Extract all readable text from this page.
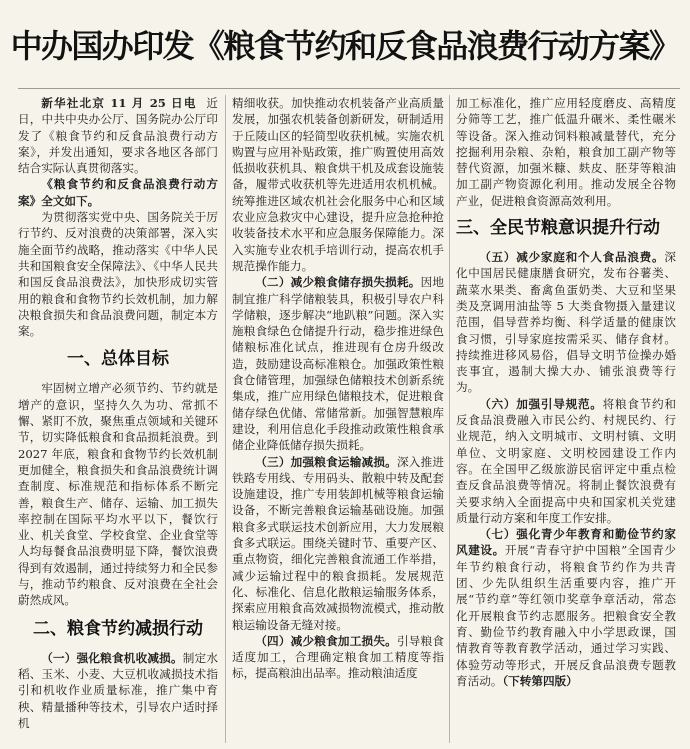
中办国办印发《粮食节约和反食品浪费行动方案》

新华社北京 11 月 25 日电 近日，中共中央办公厅、国务院办公厅印发了《粮食节约和反食品浪费行动方案》，并发出通知，要求各地区各部门结合实际认真贯彻落实。

《粮食节约和反食品浪费行动方案》全文如下。

为贯彻落实党中央、国务院关于厉行节约、反对浪费的决策部署，深入实施全面节约战略，推动落实《中华人民共和国粮食安全保障法》、《中华人民共和国反食品浪费法》，加快形成切实管用的粮食和食物节约长效机制，加力解决粮食损失和食品浪费问题，制定本方案。

一、总体目标

牢固树立增产必须节约、节约就是增产的意识，坚持久久为功、常抓不懈、紧盯不放，聚焦重点领域和关键环节，切实降低粮食和食品损耗浪费。到 2027 年底，粮食和食物节约长效机制更加健全，粮食损失和食品浪费统计调查制度、标准规范和指标体系不断完善，粮食生产、储存、运输、加工损失率控制在国际平均水平以下，餐饮行业、机关食堂、学校食堂、企业食堂等人均每餐食品浪费明显下降，餐饮浪费得到有效遏制，通过持续努力和全民参与，推动节约粮食、反对浪费在全社会蔚然成风。

二、粮食节约减损行动

（一）强化粮食机收减损。制定水稻、玉米、小麦、大豆机收减损技术指引和机收作业质量标准，推广集中育秧、精量播种等技术，引导农户适时择机

精细收获。加快推动农机装备产业高质量发展，加强农机装备创新研发，研制适用于丘陵山区的轻简型收获机械。实施农机购置与应用补贴政策，推广购置使用高效低损收获机具、粮食烘干机及成套设施装备，履带式收获机等先进适用农机机械。统筹推进区域农机社会化服务中心和区域农业应急救灾中心建设，提升应急抢种抢收装备技术水平和应急服务保障能力。深入实施专业农机手培训行动，提高农机手规范操作能力。

（二）减少粮食储存损失损耗。因地制宜推广科学储粮装具，积极引导农户科学储粮，逐步解决“地趴粮”问题。深入实施粮食绿色仓储提升行动，稳步推进绿色储粮标准化试点，推进现有仓房升级改造，鼓励建设高标准粮仓。加强政策性粮食仓储管理，加强绿色储粮技术创新系统集成，推广应用绿色储粮技术，促进粮食储存绿色优储、常储常新。加强智慧粮库建设，利用信息化手段推动政策性粮食承储企业降低储存损失损耗。

（三）加强粮食运输减损。深入推进铁路专用线、专用码头、散粮中转及配套设施建设，推广专用装卸机械等粮食运输设备，不断完善粮食运输基础设施。加强粮食多式联运技术创新应用，大力发展粮食多式联运。围绕关键时节、重要产区、重点物资，细化完善粮食流通工作举措，减少运输过程中的粮食损耗。发展规范化、标准化、信息化散粮运输服务体系，探索应用粮食高效减损物流模式，推动散粮运输设备无缝对接。

（四）减少粮食加工损失。引导粮食适度加工，合理确定粮食加工精度等指标，提高粮油出品率。推动粮油适度

加工标准化，推广应用轻度磨皮、高精度分筛等工艺，推广低温升碾米、柔性碾米等设备。深入推动饲料粮减量替代，充分挖掘利用杂粮、杂粕，粮食加工副产物等替代资源，加强米糠、麸皮、胚芽等粮油加工副产物资源化利用。推动发展全谷物产业，促进粮食资源高效利用。

三、全民节粮意识提升行动

（五）减少家庭和个人食品浪费。深化中国居民健康膳食研究，发布谷薯类、蔬菜水果类、畜禽鱼蛋奶类、大豆和坚果类及烹调用油盐等 5 大类食物摄入量建议范围，倡导营养均衡、科学适量的健康饮食习惯，引导家庭按需采买、储存食材。持续推进移风易俗，倡导文明节俭操办婚丧事宜，遏制大操大办、铺张浪费等行为。

（六）加强引导规范。将粮食节约和反食品浪费融入市民公约、村规民约、行业规范，纳入文明城市、文明村镇、文明单位、文明家庭、文明校园建设工作内容。在全国甲乙级旅游民宿评定中重点检查反食品浪费等情况。将制止餐饮浪费有关要求纳入全面提高中央和国家机关党建质量行动方案和年度工作安排。

（七）强化青少年教育和勤俭节约家风建设。开展“青春守护中国粮”全国青少年节约粮食行动，将粮食节约作为共青团、少先队组织生活重要内容，推广开展“节约章”等红领巾奖章争章活动，常态化开展粮食节约志愿服务。把粮食安全教育、勤俭节约教育融入中小学思政课，国情教育等教育教学活动，通过学习实践、体验劳动等形式，开展反食品浪费专题教育活动。（下转第四版）
